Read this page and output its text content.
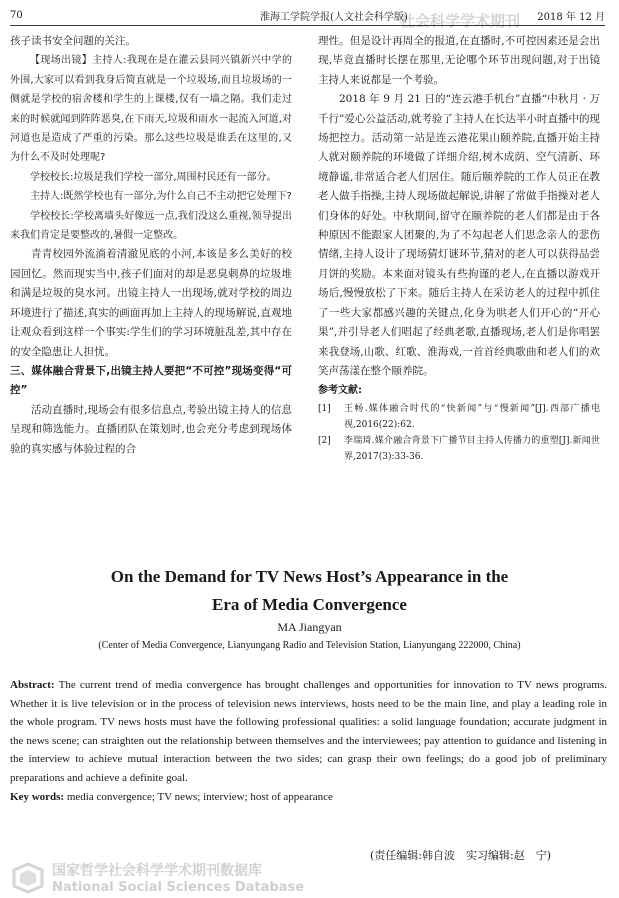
社会科学学术期刊
70	淮海工学院学报(人文社会科学版)	2018 年 12 月

孩子读书安全问题的关注。

【现场出镜】主持人:我现在是在灌云县同兴镇新兴中学的外围,大家可以看到我身后简直就是一个垃圾场,而且垃圾场的一侧就是学校的宿舍楼和学生的上课楼,仅有一墙之隔。我们走过来的时候就闻到阵阵恶臭,在下雨天,垃圾和雨水一起流入河道,对河道也是造成了严重的污染。那么这些垃圾是谁丢在这里的,又为什么不及时处理呢?

学校校长:垃圾是我们学校一部分,周围村民还有一部分。

主持人:既然学校也有一部分,为什么自己不主动把它处理下?

学校校长:学校离墙头好像远一点,我们没这么重视,领导提出来我们肯定是要整改的,暑假一定整改。

青青校园外流淌着清澈见底的小河,本该是多么美好的校园回忆。然而现实当中,孩子们面对的却是恶臭刺鼻的垃圾堆和满是垃圾的臭水河。出镜主持人一出现场,就对学校的周边环境进行了描述,真实的画面再加上主持人的现场解说,直观地让观众看到这样一个事实:学生们的学习环境脏乱差,其中存在的安全隐患让人担忧。

三、媒体融合背景下,出镜主持人要把“不可控”现场变得“可控”

活动直播时,现场会有很多信息点,考验出镜主持人的信息呈现和筛选能力。直播团队在策划时,也会充分考虑到现场体验的真实感与体验过程的合

理性。但是设计再周全的报道,在直播时,不可控因素还是会出现,毕竟直播时长摆在那里,无论哪个环节出现问题,对于出镜主持人来说都是一个考验。

2018 年 9 月 21 日的“连云港手机台”直播“中秋月 · 万千行”爱心公益活动,就考验了主持人在长达半小时直播中的现场把控力。活动第一站是连云港花果山颐养院,直播开始主持人就对颐养院的环境做了详细介绍,树木成荫、空气清新、环境静谧,非常适合老人们居住。随后颐养院的工作人员正在教老人做手指操,主持人现场做起解说,讲解了常做手指操对老人们身体的好处。中秋期间,留守在颐养院的老人们都是由于各种原因不能跟家人团聚的,为了不勾起老人们思念亲人的悲伤情绪,主持人设计了现场猜灯谜环节,猜对的老人可以获得品尝月饼的奖励。本来面对镜头有些拘谨的老人,在直播以游戏开场后,慢慢放松了下来。随后主持人在采访老人的过程中抓住了一些大家都感兴趣的关键点,化身为哄老人们开心的“开心果”,并引导老人们唱起了经典老歌,直播现场,老人们是你唱罢来我登场,山歌、红歌、淮海戏,一首首经典歌曲和老人们的欢笑声荡漾在整个颐养院。

参考文献:

[1]	王畅.媒体融合时代的“快新闻”与“慢新闻”[J].西部广播电视,2016(22):62.
[2]	李瑞琦.媒介融合背景下广播节目主持人传播力的重塑[J].新闻世界,2017(3):33-36.
On the Demand for TV News Host’s Appearance in the
Era of Media Convergence
MA Jiangyan
(Center of Media Convergence, Lianyungang Radio and Television Station, Lianyungang 222000, China)
Abstract: The current trend of media convergence has brought challenges and opportunities for innovation to TV news programs. Whether it is live television or in the process of television news interviews, hosts need to be the main line, and play a leading role in the whole program. TV news hosts must have the following professional qualities: a solid language foundation; accurate judgment in the news scene; can straighten out the relationship between themselves and the interviewees; pay attention to guidance and listening in the interview to achieve mutual interaction between the two sides; can grasp their own feelings; do a good job of preliminary preparations and achieve a definite goal.
Key words: media convergence; TV news; interview; host of appearance
(责任编辑:韩自波　实习编辑:赵　宁)
国家哲学社会科学学术期刊数据库
National Social Sciences Database
